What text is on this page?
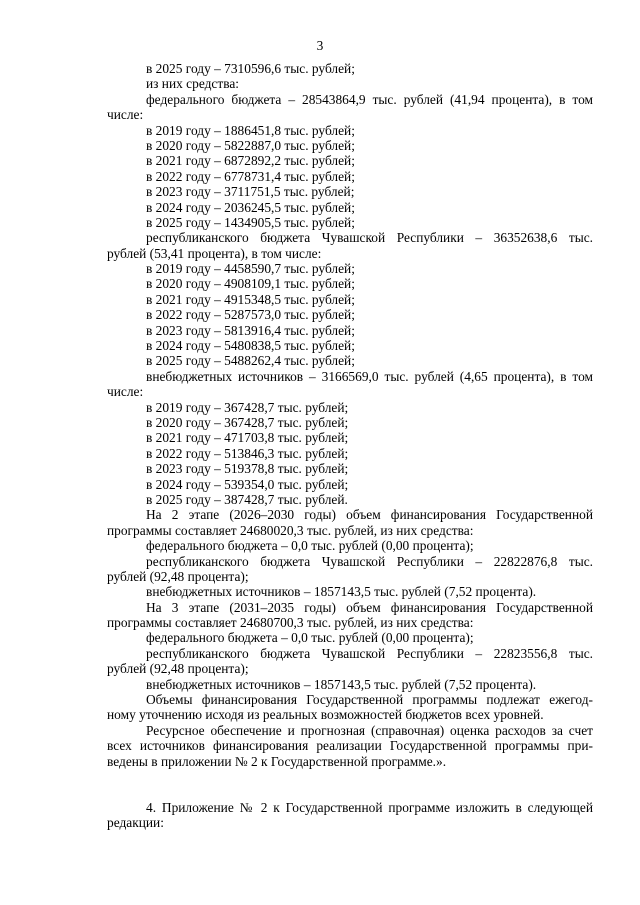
3
в 2025 году – 7310596,6 тыс. рублей;
из них средства:
федерального бюджета – 28543864,9 тыс. рублей (41,94 процента), в том
числе:
в 2019 году – 1886451,8 тыс. рублей;
в 2020 году – 5822887,0 тыс. рублей;
в 2021 году – 6872892,2 тыс. рублей;
в 2022 году – 6778731,4 тыс. рублей;
в 2023 году – 3711751,5 тыс. рублей;
в 2024 году – 2036245,5 тыс. рублей;
в 2025 году – 1434905,5 тыс. рублей;
республиканского бюджета Чувашской Республики – 36352638,6 тыс.
рублей (53,41 процента), в том числе:
в 2019 году – 4458590,7 тыс. рублей;
в 2020 году – 4908109,1 тыс. рублей;
в 2021 году – 4915348,5 тыс. рублей;
в 2022 году – 5287573,0 тыс. рублей;
в 2023 году – 5813916,4 тыс. рублей;
в 2024 году – 5480838,5 тыс. рублей;
в 2025 году – 5488262,4 тыс. рублей;
внебюджетных источников – 3166569,0 тыс. рублей (4,65 процента), в том
числе:
в 2019 году – 367428,7 тыс. рублей;
в 2020 году – 367428,7 тыс. рублей;
в 2021 году – 471703,8 тыс. рублей;
в 2022 году – 513846,3 тыс. рублей;
в 2023 году – 519378,8 тыс. рублей;
в 2024 году – 539354,0 тыс. рублей;
в 2025 году – 387428,7 тыс. рублей.
На 2 этапе (2026–2030 годы) объем финансирования Государственной
программы составляет 24680020,3 тыс. рублей, из них средства:
федерального бюджета – 0,0 тыс. рублей (0,00 процента);
республиканского бюджета Чувашской Республики – 22822876,8 тыс.
рублей (92,48 процента);
внебюджетных источников – 1857143,5 тыс. рублей (7,52 процента).
На 3 этапе (2031–2035 годы) объем финансирования Государственной
программы составляет 24680700,3 тыс. рублей, из них средства:
федерального бюджета – 0,0 тыс. рублей (0,00 процента);
республиканского бюджета Чувашской Республики – 22823556,8 тыс.
рублей (92,48 процента);
внебюджетных источников – 1857143,5 тыс. рублей (7,52 процента).
Объемы финансирования Государственной программы подлежат ежегод-
ному уточнению исходя из реальных возможностей бюджетов всех уровней.
Ресурсное обеспечение и прогнозная (справочная) оценка расходов за счет
всех источников финансирования реализации Государственной программы при-
ведены в приложении № 2 к Государственной программе.».
4. Приложение № 2 к Государственной программе изложить в следующей
редакции:
